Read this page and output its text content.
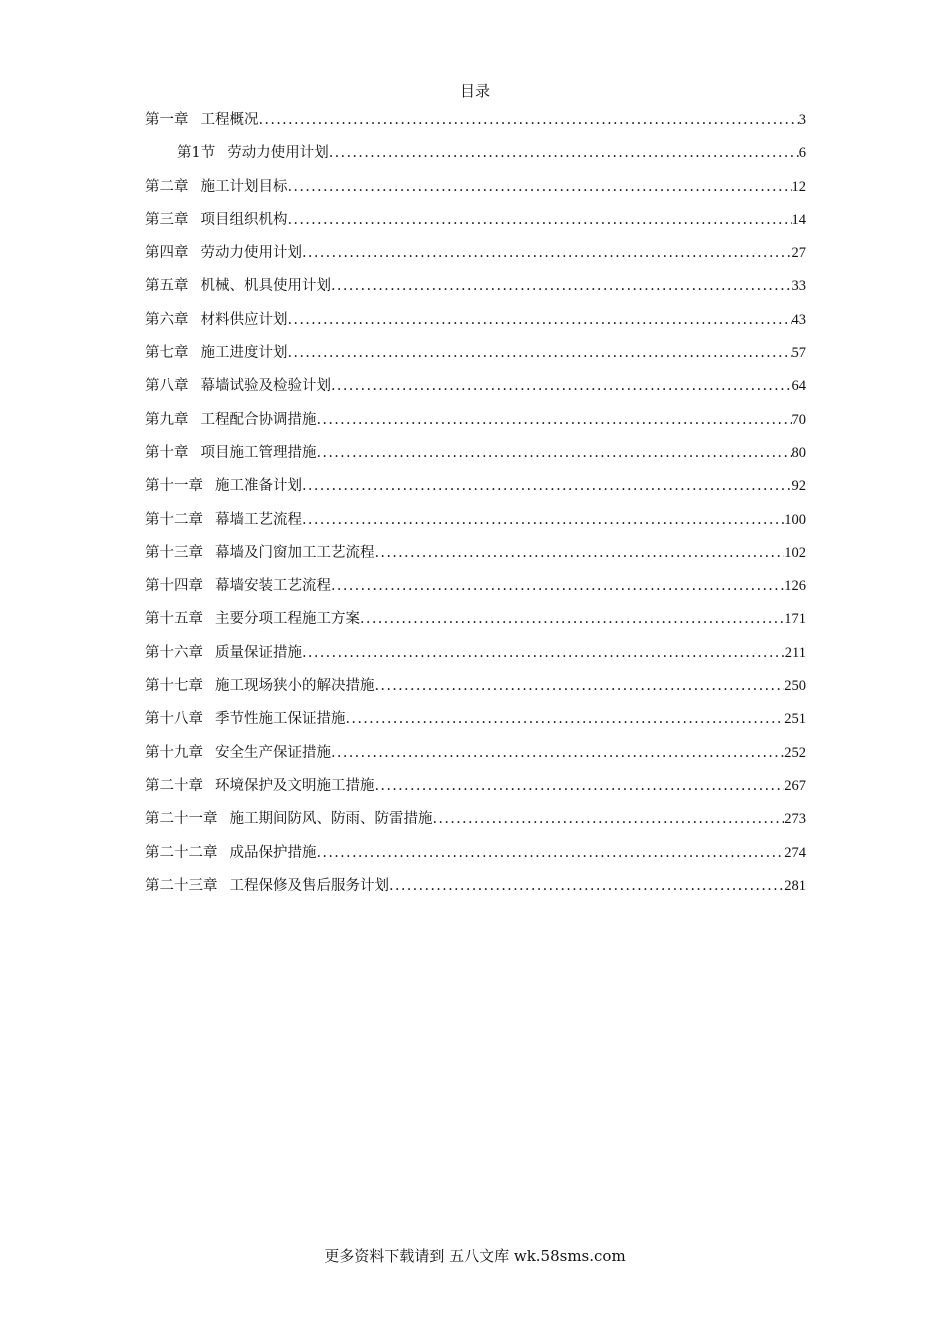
目录
第一章 工程概况 .....	3
第1节 劳动力使用计划 .....	6
第二章 施工计划目标 .....	12
第三章 项目组织机构 .....	14
第四章 劳动力使用计划 .....	27
第五章 机械、机具使用计划 .....	33
第六章 材料供应计划 .....	43
第七章 施工进度计划 .....	57
第八章 幕墙试验及检验计划 .....	64
第九章 工程配合协调措施 .....	70
第十章 项目施工管理措施 .....	80
第十一章 施工准备计划 .....	92
第十二章 幕墙工艺流程 .....	100
第十三章 幕墙及门窗加工工艺流程 .....	102
第十四章 幕墙安装工艺流程 .....	126
第十五章 主要分项工程施工方案 .....	171
第十六章 质量保证措施 .....	211
第十七章 施工现场狭小的解决措施 .....	250
第十八章 季节性施工保证措施 .....	251
第十九章 安全生产保证措施 .....	252
第二十章 环境保护及文明施工措施 .....	267
第二十一章 施工期间防风、防雨、防雷措施 .....	273
第二十二章 成品保护措施 .....	274
第二十三章 工程保修及售后服务计划 .....	281
更多资料下载请到 五八文库 wk.58sms.com
